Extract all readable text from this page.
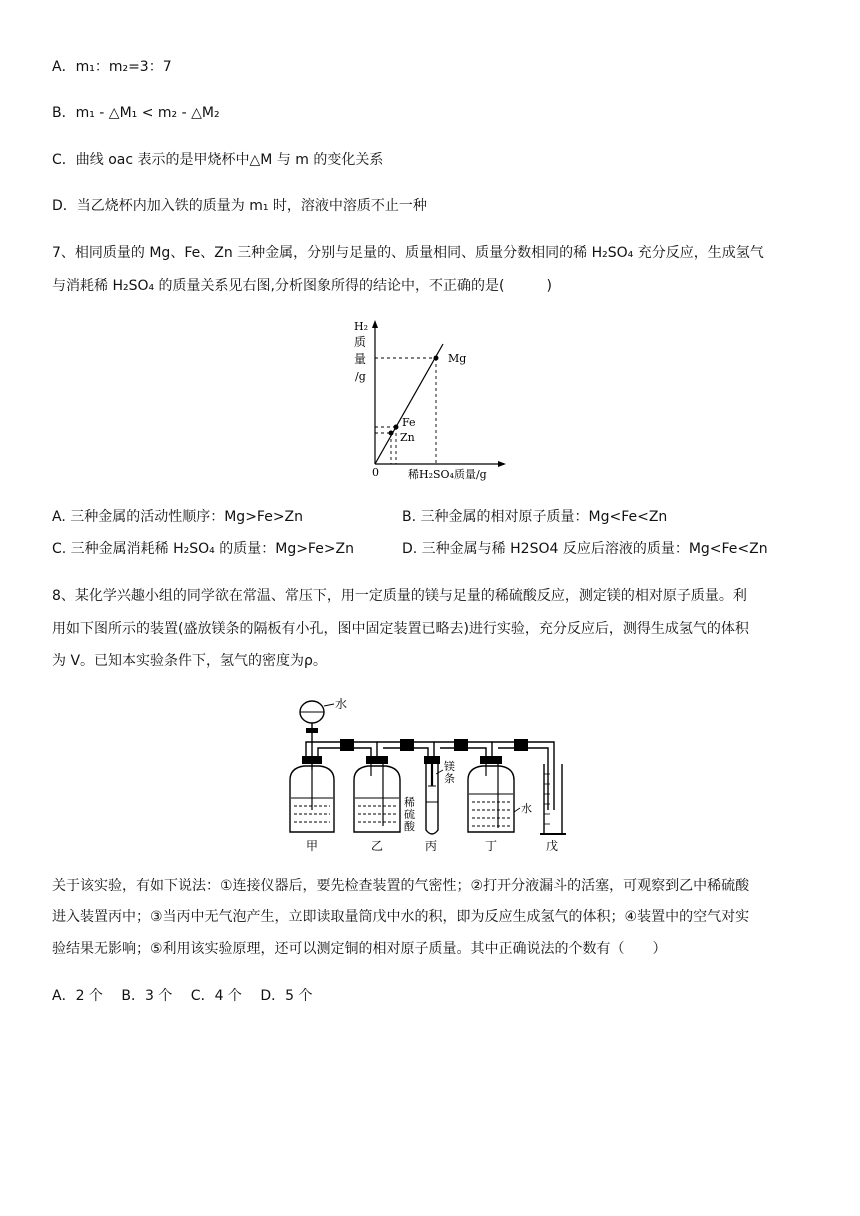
A．m₁：m₂=3：7
B．m₁ - △M₁ < m₂ - △M₂
C．曲线 oac 表示的是甲烧杯中△M 与 m 的变化关系
D．当乙烧杯内加入铁的质量为 m₁ 时，溶液中溶质不止一种
7、相同质量的 Mg、Fe、Zn 三种金属，分别与足量的、质量相同、质量分数相同的稀 H₂SO₄ 充分反应，生成氢气
与消耗稀 H₂SO₄ 的质量关系见右图,分析图象所得的结论中，不正确的是(　　　)
H₂
质
量
/g
0	稀H₂SO₄质量/g
Mg
Fe
Zn
A. 三种金属的活动性顺序：Mg>Fe>Zn	B. 三种金属的相对原子质量：Mg<Fe<Zn
C. 三种金属消耗稀 H₂SO₄ 的质量：Mg>Fe>Zn	D. 三种金属与稀 H2SO4 反应后溶液的质量：Mg<Fe<Zn
8、某化学兴趣小组的同学欲在常温、常压下，用一定质量的镁与足量的稀硫酸反应，测定镁的相对原子质量。利
用如下图所示的装置(盛放镁条的隔板有小孔，图中固定装置已略去)进行实验，充分反应后，测得生成氢气的体积
为 V。已知本实验条件下，氢气的密度为ρ。
水
稀
硫
酸
镁
条
水
甲	乙	丙	丁	戊
关于该实验，有如下说法：①连接仪器后，要先检查装置的气密性；②打开分液漏斗的活塞，可观察到乙中稀硫酸
进入装置丙中；③当丙中无气泡产生，立即读取量筒戊中水的积，即为反应生成氢气的体积；④装置中的空气对实
验结果无影响；⑤利用该实验原理，还可以测定铜的相对原子质量。其中正确说法的个数有（　　）
A．2 个　 B．3 个　 C．4 个　 D．5 个
